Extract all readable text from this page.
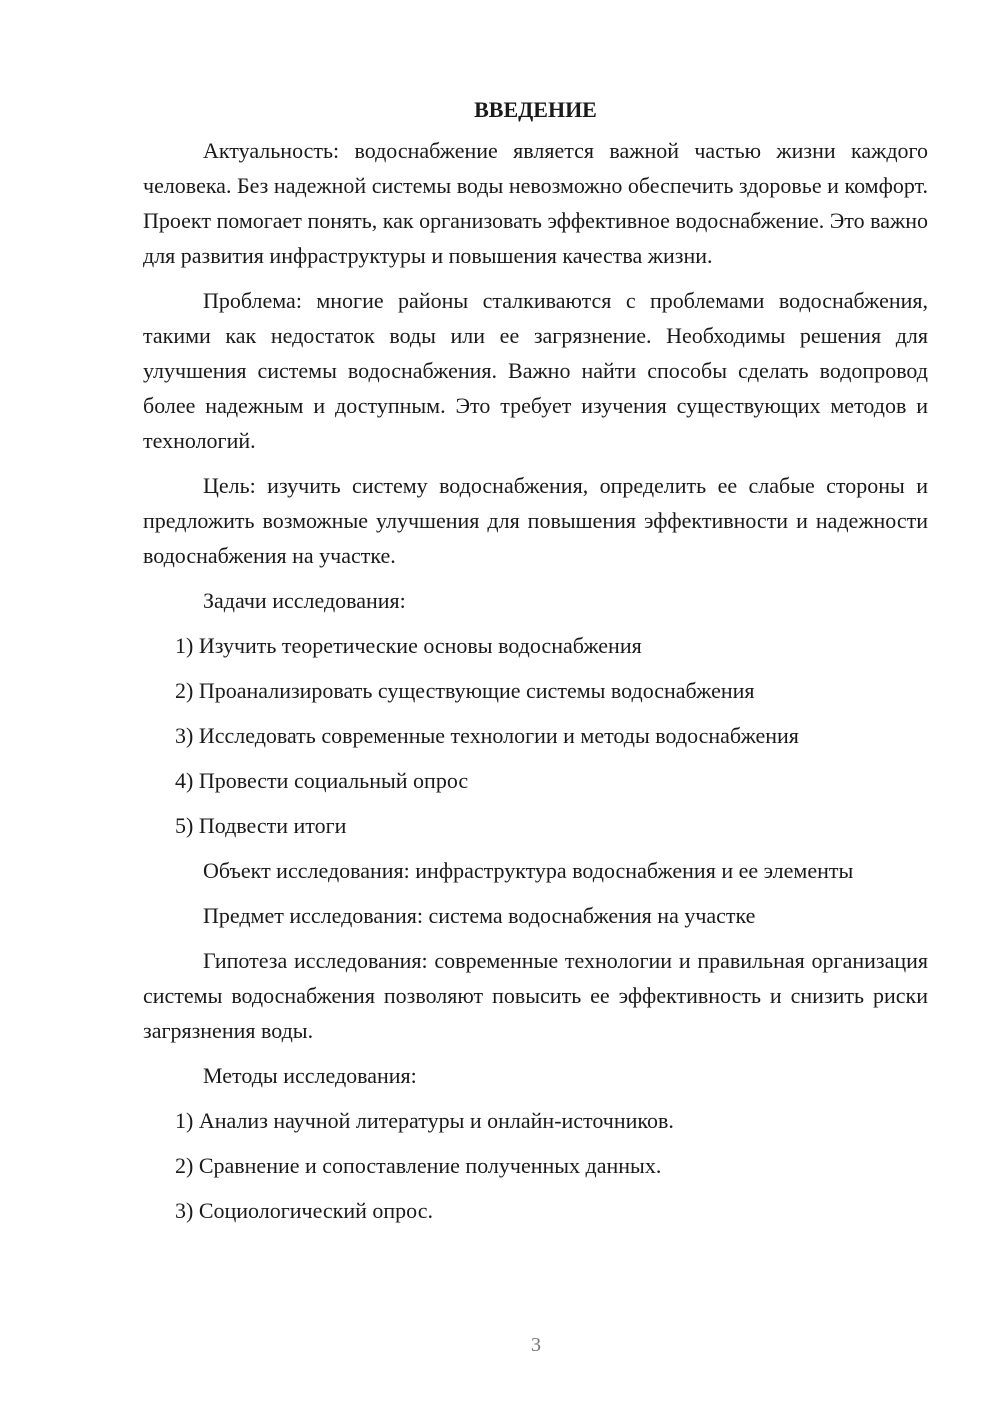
ВВЕДЕНИЕ

Актуальность: водоснабжение является важной частью жизни каждого человека. Без надежной системы воды невозможно обеспечить здоровье и комфорт. Проект помогает понять, как организовать эффективное водоснабжение. Это важно для развития инфраструктуры и повышения качества жизни.

Проблема: многие районы сталкиваются с проблемами водоснабжения, такими как недостаток воды или ее загрязнение. Необходимы решения для улучшения системы водоснабжения. Важно найти способы сделать водопровод более надежным и доступным. Это требует изучения существующих методов и технологий.

Цель: изучить систему водоснабжения, определить ее слабые стороны и предложить возможные улучшения для повышения эффективности и надежности водоснабжения на участке.

Задачи исследования:

1) Изучить теоретические основы водоснабжения
2) Проанализировать существующие системы водоснабжения
3) Исследовать современные технологии и методы водоснабжения
4) Провести социальный опрос
5) Подвести итоги

Объект исследования: инфраструктура водоснабжения и ее элементы

Предмет исследования: система водоснабжения на участке

Гипотеза исследования: современные технологии и правильная организация системы водоснабжения позволяют повысить ее эффективность и снизить риски загрязнения воды.

Методы исследования:

1) Анализ научной литературы и онлайн-источников.
2) Сравнение и сопоставление полученных данных.
3) Социологический опрос.
3
